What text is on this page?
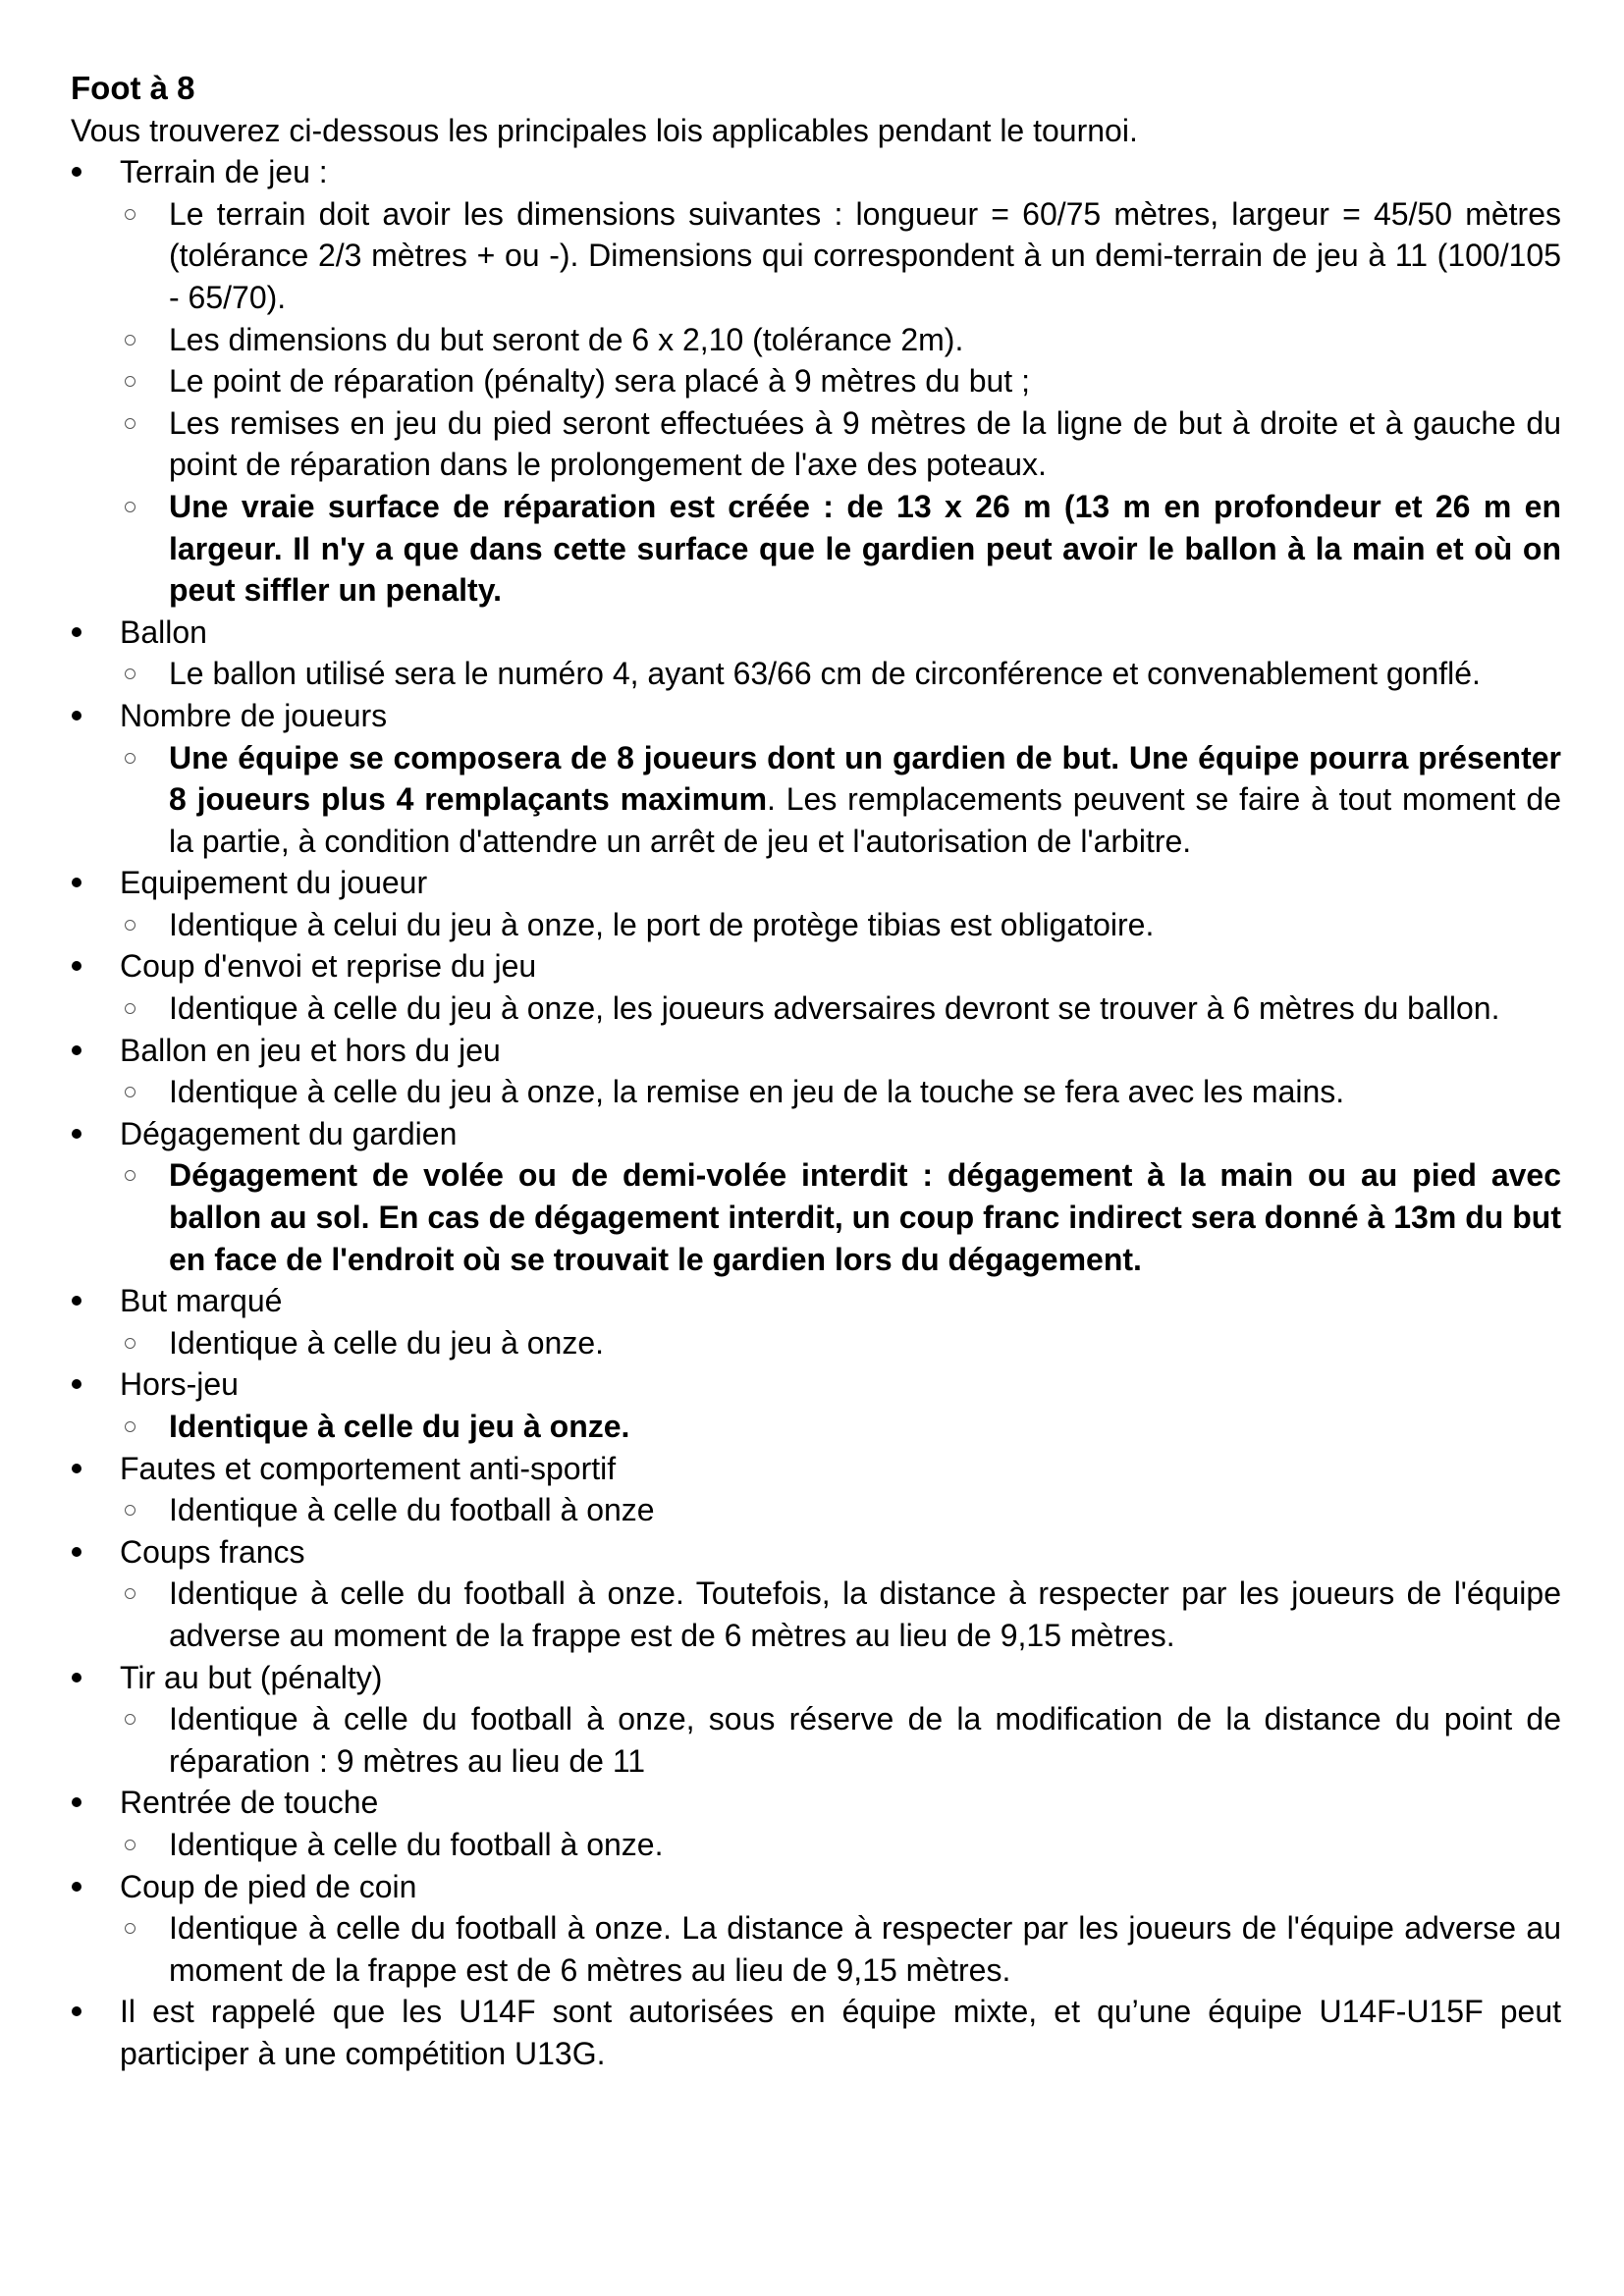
Foot à 8

Vous trouverez ci-dessous les principales lois applicables pendant le tournoi.

Terrain de jeu :
Le terrain doit avoir les dimensions suivantes : longueur = 60/75 mètres, largeur = 45/50 mètres (tolérance 2/3 mètres + ou -). Dimensions qui correspondent à un demi-terrain de jeu à 11 (100/105 - 65/70).
Les dimensions du but seront de 6 x 2,10 (tolérance 2m).
Le point de réparation (pénalty) sera placé à 9 mètres du but ;
Les remises en jeu du pied seront effectuées à 9 mètres de la ligne de but à droite et à gauche du point de réparation dans le prolongement de l'axe des poteaux.
Une vraie surface de réparation est créée : de 13 x 26 m (13 m en profondeur et 26 m en largeur. Il n'y a que dans cette surface que le gardien peut avoir le ballon à la main et où on peut siffler un penalty.
Ballon
Le ballon utilisé sera le numéro 4, ayant 63/66 cm de circonférence et convenablement gonflé.
Nombre de joueurs
Une équipe se composera de 8 joueurs dont un gardien de but. Une équipe pourra présenter 8 joueurs plus 4 remplaçants maximum. Les remplacements peuvent se faire à tout moment de la partie, à condition d'attendre un arrêt de jeu et l'autorisation de l'arbitre.
Equipement du joueur
Identique à celui du jeu à onze, le port de protège tibias est obligatoire.
Coup d'envoi et reprise du jeu
Identique à celle du jeu à onze, les joueurs adversaires devront se trouver à 6 mètres du ballon.
Ballon en jeu et hors du jeu
Identique à celle du jeu à onze, la remise en jeu de la touche se fera avec les mains.
Dégagement du gardien
Dégagement de volée ou de demi-volée interdit : dégagement à la main ou au pied avec ballon au sol. En cas de dégagement interdit, un coup franc indirect sera donné à 13m du but en face de l'endroit où se trouvait le gardien lors du dégagement.
But marqué
Identique à celle du jeu à onze.
Hors-jeu
Identique à celle du jeu à onze.
Fautes et comportement anti-sportif
Identique à celle du football à onze
Coups francs
Identique à celle du football à onze. Toutefois, la distance à respecter par les joueurs de l'équipe adverse au moment de la frappe est de 6 mètres au lieu de 9,15 mètres.
Tir au but (pénalty)
Identique à celle du football à onze, sous réserve de la modification de la distance du point de réparation : 9 mètres au lieu de 11
Rentrée de touche
Identique à celle du football à onze.
Coup de pied de coin
Identique à celle du football à onze. La distance à respecter par les joueurs de l'équipe adverse au moment de la frappe est de 6 mètres au lieu de 9,15 mètres.
Il est rappelé que les U14F sont autorisées en équipe mixte, et qu’une équipe U14F-U15F peut participer à une compétition U13G.
